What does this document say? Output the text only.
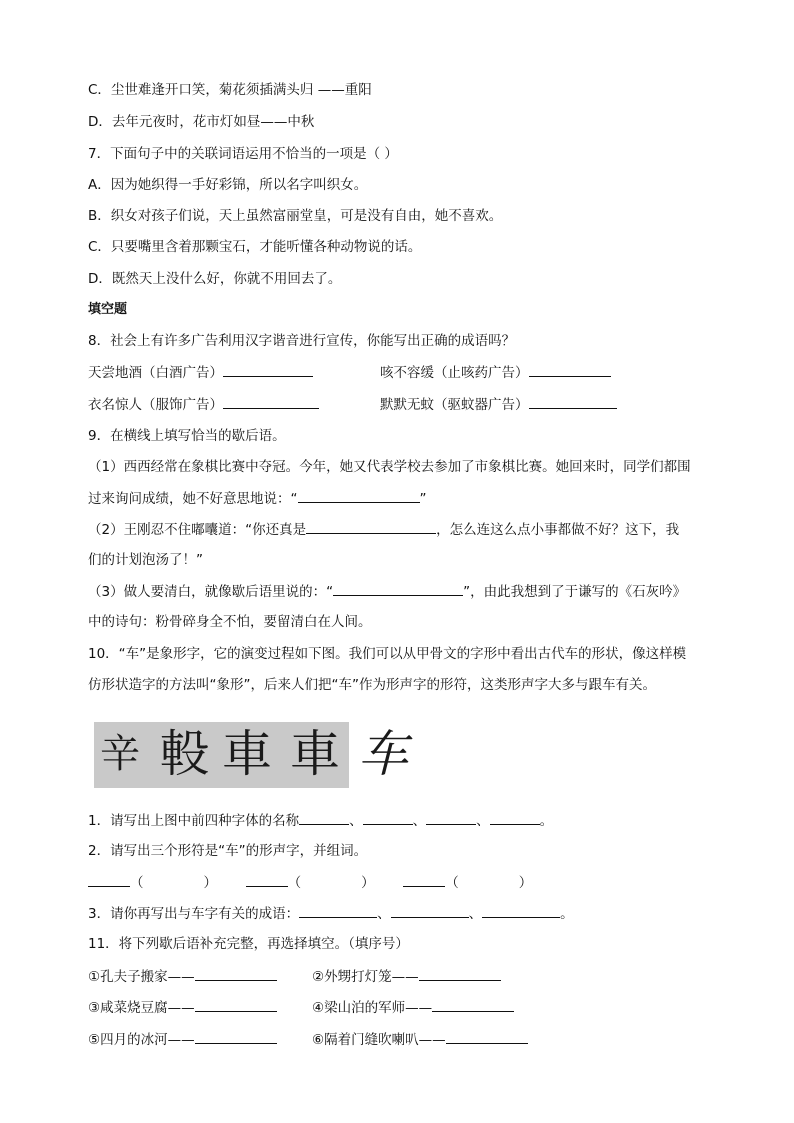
C．尘世难逢开口笑，菊花须插满头归 ——重阳
D．去年元夜时，花市灯如昼——中秋
7．下面句子中的关联词语运用不恰当的一项是（ ）
A．因为她织得一手好彩锦，所以名字叫织女。
B．织女对孩子们说，天上虽然富丽堂皇，可是没有自由，她不喜欢。
C．只要嘴里含着那颗宝石，才能听懂各种动物说的话。
D．既然天上没什么好，你就不用回去了。
填空题
8．社会上有许多广告利用汉字谐音进行宣传，你能写出正确的成语吗？
天尝地酒（白酒广告）	咳不容缓（止咳药广告）
衣名惊人（服饰广告）	默默无蚊（驱蚊器广告）
9．在横线上填写恰当的歇后语。
（1）西西经常在象棋比赛中夺冠。今年，她又代表学校去参加了市象棋比赛。她回来时，同学们都围
过来询问成绩，她不好意思地说：“	”
（2）王刚忍不住嘟囔道：“你还真是	，怎么连这么点小事都做不好？这下，我
们的计划泡汤了！”
（3）做人要清白，就像歇后语里说的：“	”，由此我想到了于谦写的《石灰吟》
中的诗句：粉骨碎身全不怕，要留清白在人间。
10．“车”是象形字，它的演变过程如下图。我们可以从甲骨文的字形中看出古代车的形状，像这样模
仿形状造字的方法叫“象形”，后来人们把“车”作为形声字的形符，这类形声字大多与跟车有关。
⾟ 軗 車 車 车
1．请写出上图中前四种字体的名称	、	、	、	。
2．请写出三个形符是“车”的形声字，并组词。
（	）	（	）	（	）
3．请你再写出与车字有关的成语：	、	、	。
11．将下列歇后语补充完整，再选择填空。（填序号）
①孔夫子搬家——	②外甥打灯笼——
③咸菜烧豆腐——	④梁山泊的军师——
⑤四月的冰河——	⑥隔着门缝吹喇叭——
